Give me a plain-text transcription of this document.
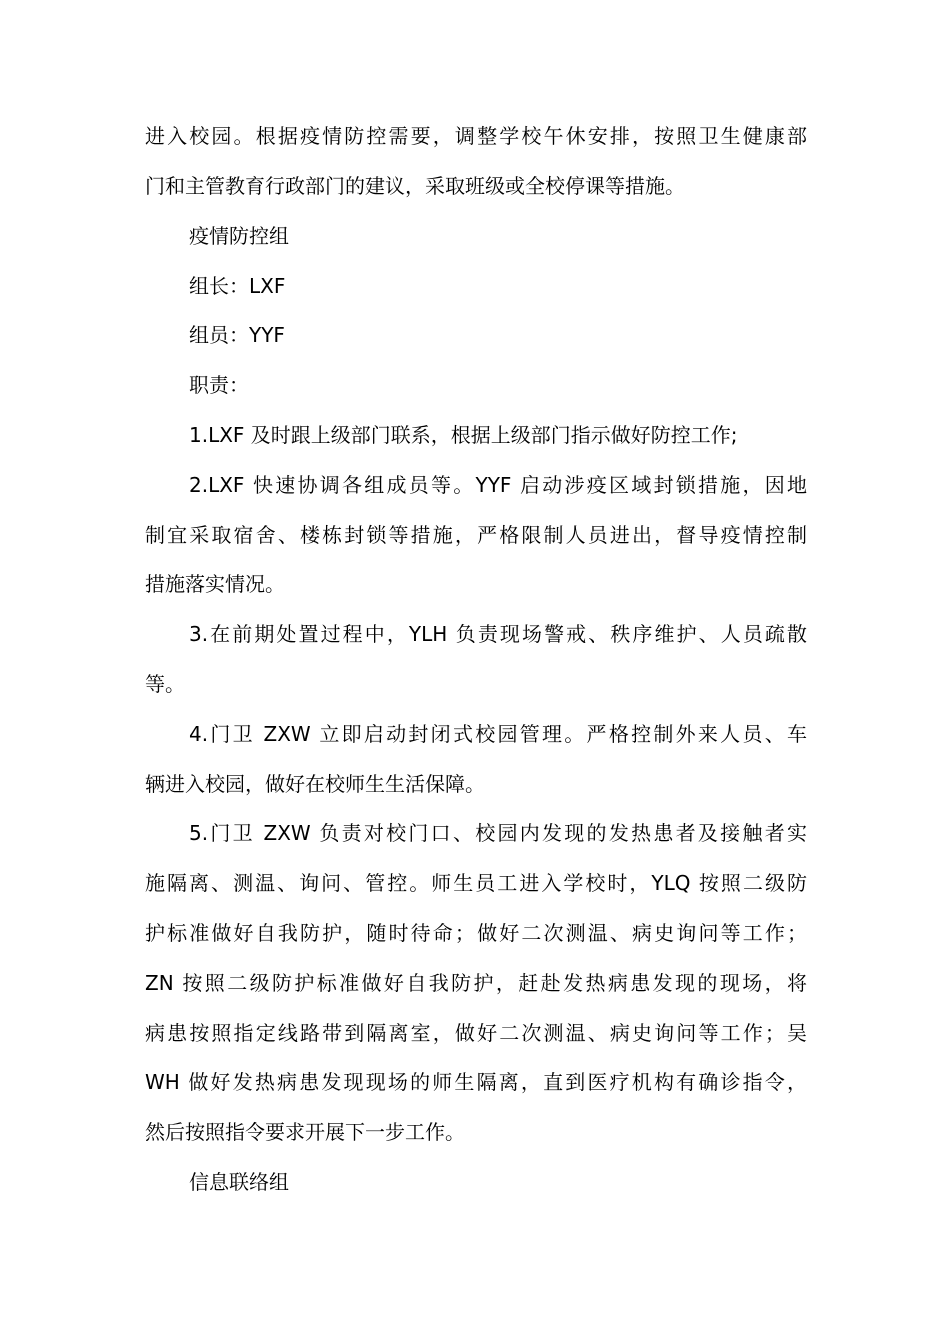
进入校园。根据疫情防控需要，调整学校午休安排，按照卫生健康部
门和主管教育行政部门的建议，采取班级或全校停课等措施。
疫情防控组
组长：LXF
组员：YYF
职责：
1.LXF 及时跟上级部门联系，根据上级部门指示做好防控工作;
2.LXF 快速协调各组成员等。YYF 启动涉疫区域封锁措施，因地
制宜采取宿舍、楼栋封锁等措施，严格限制人员进出，督导疫情控制
措施落实情况。
3.在前期处置过程中，YLH 负责现场警戒、秩序维护、人员疏散
等。
4.门卫 ZXW 立即启动封闭式校园管理。严格控制外来人员、车
辆进入校园，做好在校师生生活保障。
5.门卫 ZXW 负责对校门口、校园内发现的发热患者及接触者实
施隔离、测温、询问、管控。师生员工进入学校时，YLQ 按照二级防
护标准做好自我防护，随时待命；做好二次测温、病史询问等工作；
ZN 按照二级防护标准做好自我防护，赶赴发热病患发现的现场，将
病患按照指定线路带到隔离室，做好二次测温、病史询问等工作；吴
WH 做好发热病患发现现场的师生隔离，直到医疗机构有确诊指令，
然后按照指令要求开展下一步工作。
信息联络组
